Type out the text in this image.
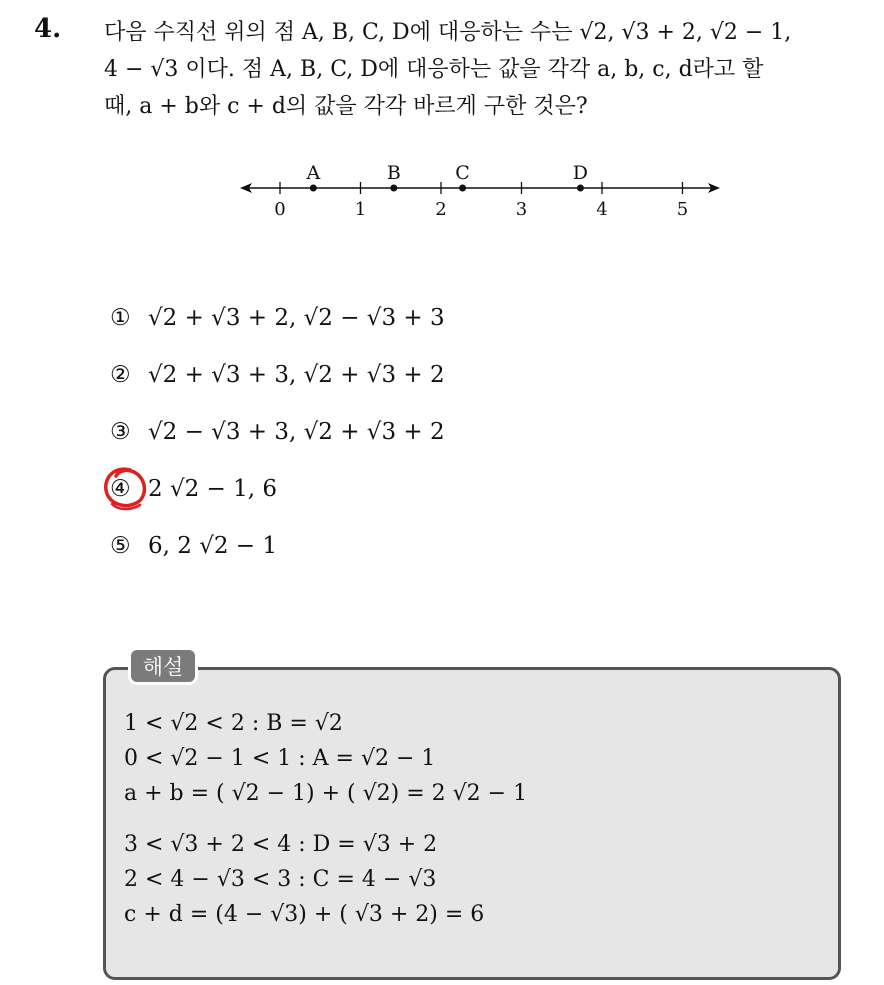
4. 다음 수직선 위의 점 A, B, C, D에 대응하는 수는 √2, √3 + 2, √2 − 1,
4 − √3 이다. 점 A, B, C, D에 대응하는 값을 각각 a, b, c, d라고 할
때, a + b와 c + d의 값을 각각 바르게 구한 것은?
0	1	2	3	4	5
A	B	C	D
① √2 + √3 + 2, √2 − √3 + 3
② √2 + √3 + 3, √2 + √3 + 2
③ √2 − √3 + 3, √2 + √3 + 2
④ 2 √2 − 1, 6
⑤ 6, 2 √2 − 1
해설
1 < √2 < 2 : B = √2
0 < √2 − 1 < 1 : A = √2 − 1
a + b = ( √2 − 1) + ( √2) = 2 √2 − 1
3 < √3 + 2 < 4 : D = √3 + 2
2 < 4 − √3 < 3 : C = 4 − √3
c + d = (4 − √3) + ( √3 + 2) = 6
